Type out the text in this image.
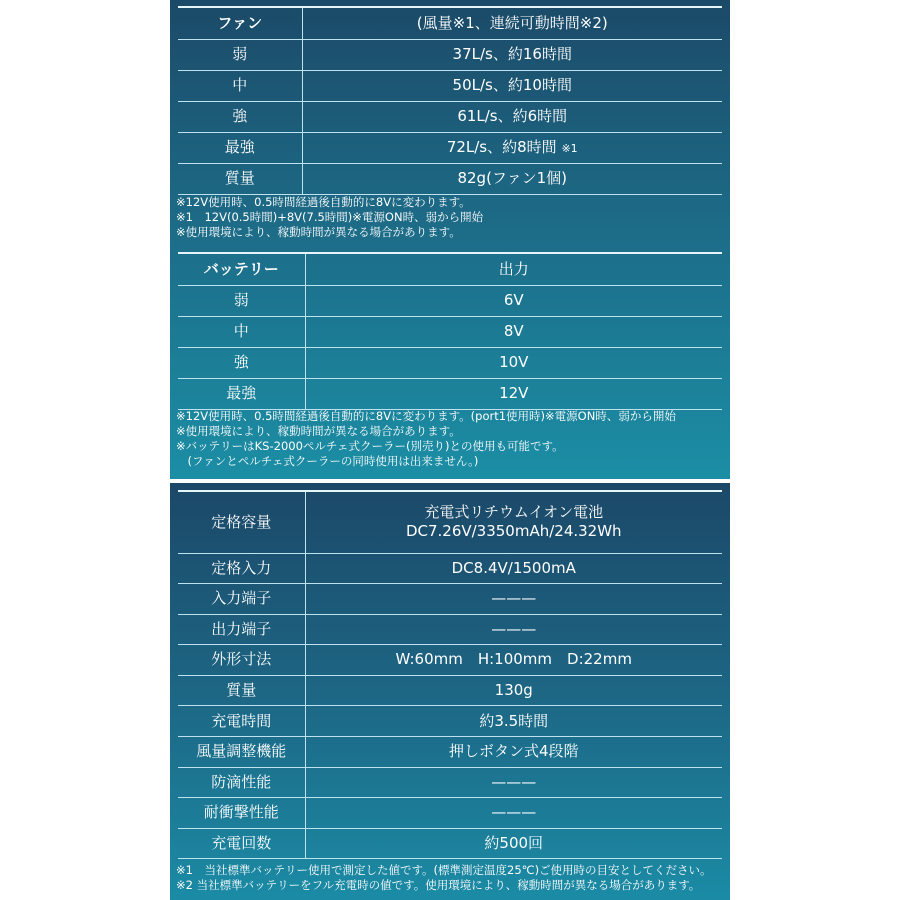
ファン	(風量※1、連続可動時間※2)
弱	37L/s、約16時間
中	50L/s、約10時間
強	61L/s、約6時間
最強	72L/s、約8時間 ※1
質量	82g(ファン1個)
※12V使用時、0.5時間経過後自動的に8Vに変わります。
※1　12V(0.5時間)+8V(7.5時間)※電源ON時、弱から開始
※使用環境により、稼動時間が異なる場合があります。
バッテリー	出力
弱	6V
中	8V
強	10V
最強	12V
※12V使用時、0.5時間経過後自動的に8Vに変わります。(port1使用時)※電源ON時、弱から開始
※使用環境により、稼動時間が異なる場合があります。
※バッテリーはKS-2000ペルチェ式クーラー(別売り)との使用も可能です。
　(ファンとペルチェ式クーラーの同時使用は出来ません。)
定格容量	充電式リチウムイオン電池
DC7.26V/3350mAh/24.32Wh

定格入力	DC8.4V/1500mA
入力端子	———
出力端子	———
外形寸法	W:60mm　H:100mm　D:22mm
質量	130g
充電時間	約3.5時間
風量調整機能	押しボタン式4段階
防滴性能	———
耐衝撃性能	———
充電回数	約500回
※1　当社標準バッテリー使用で測定した値です。(標準測定温度25℃)ご使用時の目安としてください。
※2 当社標準バッテリーをフル充電時の値です。使用環境により、稼動時間が異なる場合があります。
